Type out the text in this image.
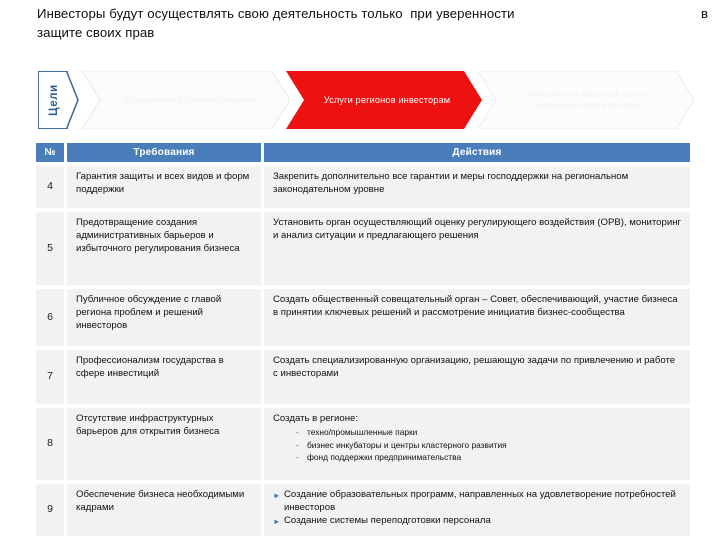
Инвесторы будут осуществлять свою деятельность только  при уверенности
защите своих прав
в
Цели	Определение стратегии развития	Услуги регионов инвесторам
Обеспечение обратной связи с региональными властями
№	Требования	Действия
4
Гарантия защиты и всех видов и форм поддержки
Закрепить дополнительно все гарантии и меры господдержки на региональном законодательном уровне
5
Предотвращение создания административных барьеров и избыточного регулирования бизнеса
Установить орган осуществляющий оценку регулирующего воздействия (ОРВ), мониторинг и анализ ситуации и предлагающего решения
6
Публичное обсуждение с главой региона проблем и решений инвесторов
Создать общественный совещательный орган – Совет, обеспечивающий, участие бизнеса в принятии ключевых решений и рассмотрение инициатив бизнес-сообщества
7
Профессионализм государства в сфере инвестиций
Создать специализированную организацию, решающую задачи по привлечению и работе с инвесторами
8
Отсутствие инфраструктурных барьеров для открытия бизнеса
Создать в регионе:
- техно/промышленные парки
- бизнес инкубаторы и центры кластерного развития
- фонд поддержки предпринимательства
9
Обеспечение бизнеса необходимыми кадрами
► Создание образовательных программ, направленных на удовлетворение потребностей инвесторов
► Создание системы переподготовки персонала
